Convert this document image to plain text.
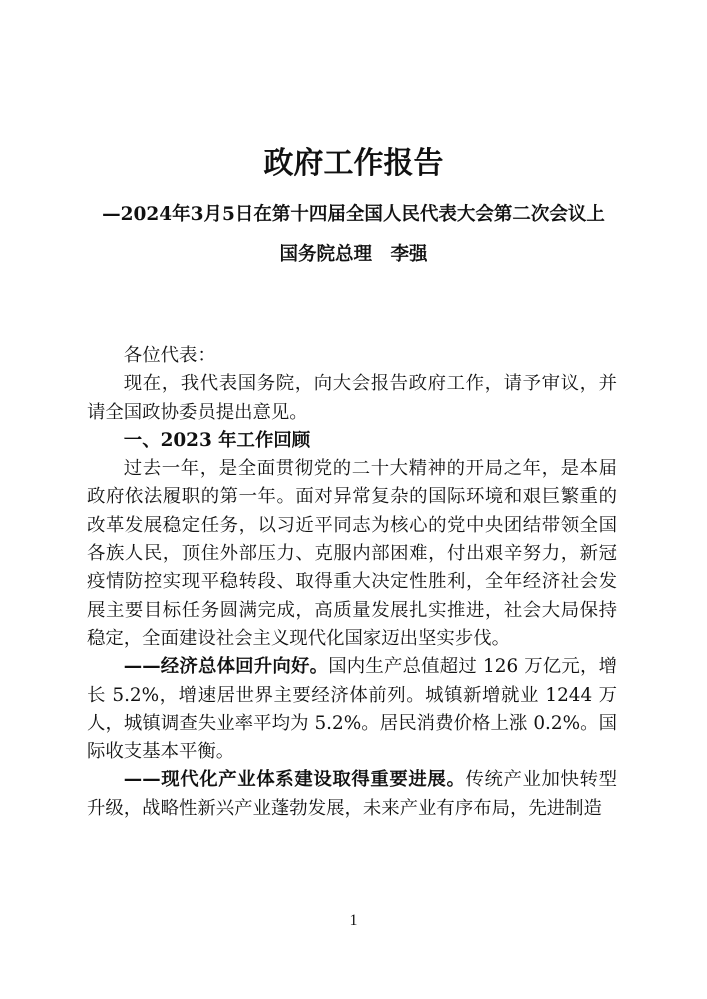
政府工作报告
—2024年3月5日在第十四届全国人民代表大会第二次会议上
国务院总理　李强

各位代表：

现在，我代表国务院，向大会报告政府工作，请予审议，并请全国政协委员提出意见。

一、2023 年工作回顾

过去一年，是全面贯彻党的二十大精神的开局之年，是本届政府依法履职的第一年。面对异常复杂的国际环境和艰巨繁重的改革发展稳定任务，以习近平同志为核心的党中央团结带领全国各族人民，顶住外部压力、克服内部困难，付出艰辛努力，新冠疫情防控实现平稳转段、取得重大决定性胜利，全年经济社会发展主要目标任务圆满完成，高质量发展扎实推进，社会大局保持稳定，全面建设社会主义现代化国家迈出坚实步伐。

——经济总体回升向好。国内生产总值超过 126 万亿元，增长 5.2%，增速居世界主要经济体前列。城镇新增就业 1244 万人，城镇调查失业率平均为 5.2%。居民消费价格上涨 0.2%。国际收支基本平衡。

——现代化产业体系建设取得重要进展。传统产业加快转型升级，战略性新兴产业蓬勃发展，未来产业有序布局，先进制造

1
